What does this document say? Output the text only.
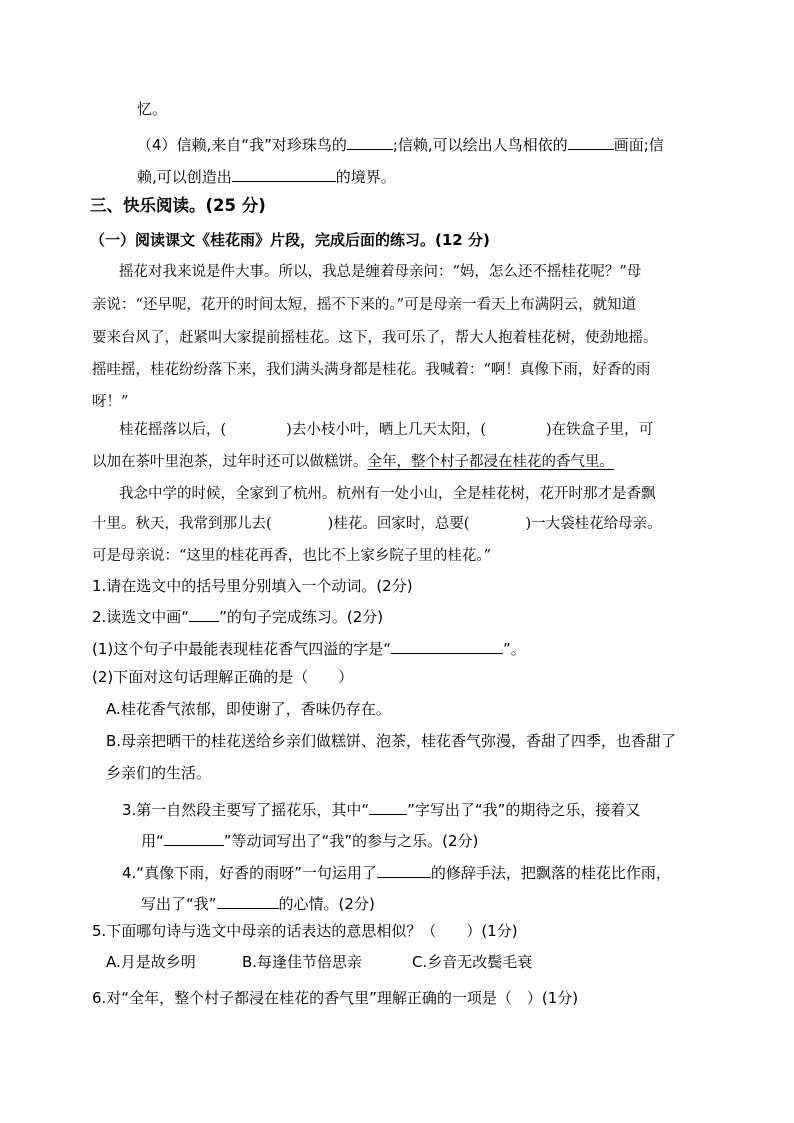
忆。
（4）信赖,来自“我”对珍珠鸟的	;信赖,可以绘出人鸟相依的	画面;信
赖,可以创造出	的境界。
三、快乐阅读。(25 分)
（一）阅读课文《桂花雨》片段，完成后面的练习。(12 分)
摇花对我来说是件大事。所以，我总是缠着母亲问：“妈，怎么还不摇桂花呢？”母
亲说：“还早呢，花开的时间太短，摇不下来的。”可是母亲一看天上布满阴云，就知道
要来台风了，赶紧叫大家提前摇桂花。这下，我可乐了，帮大人抱着桂花树，使劲地摇。
摇哇摇，桂花纷纷落下来，我们满头满身都是桂花。我喊着：“啊！真像下雨，好香的雨
呀！”
桂花摇落以后，(	)去小枝小叶，晒上几天太阳，(	)在铁盒子里，可
以加在茶叶里泡茶，过年时还可以做糕饼。全年，整个村子都浸在桂花的香气里。
我念中学的时候，全家到了杭州。杭州有一处小山，全是桂花树，花开时那才是香飘
十里。秋天，我常到那儿去(	)桂花。回家时，总要(	)一大袋桂花给母亲。
可是母亲说：“这里的桂花再香，也比不上家乡院子里的桂花。”
1.请在选文中的括号里分别填入一个动词。(2分)
2.读选文中画“ ”的句子完成练习。(2分)
(1)这个句子中最能表现桂花香气四溢的字是“	”。
(2)下面对这句话理解正确的是（　　）
A.桂花香气浓郁，即使谢了，香味仍存在。
B.母亲把晒干的桂花送给乡亲们做糕饼、泡茶，桂花香气弥漫，香甜了四季，也香甜了
乡亲们的生活。
3.第一自然段主要写了摇花乐，其中“	”字写出了“我”的期待之乐，接着又
用“	”等动词写出了“我”的参与之乐。(2分)
4.“真像下雨，好香的雨呀”一句运用了	的修辞手法，把飘落的桂花比作雨，
写出了“我”	的心情。(2分)
5.下面哪句诗与选文中母亲的话表达的意思相似？（　　）(1分)
A.月是故乡明	B.每逢佳节倍思亲	C.乡音无改鬓毛衰
6.对“全年，整个村子都浸在桂花的香气里”理解正确的一项是（　）(1分)
